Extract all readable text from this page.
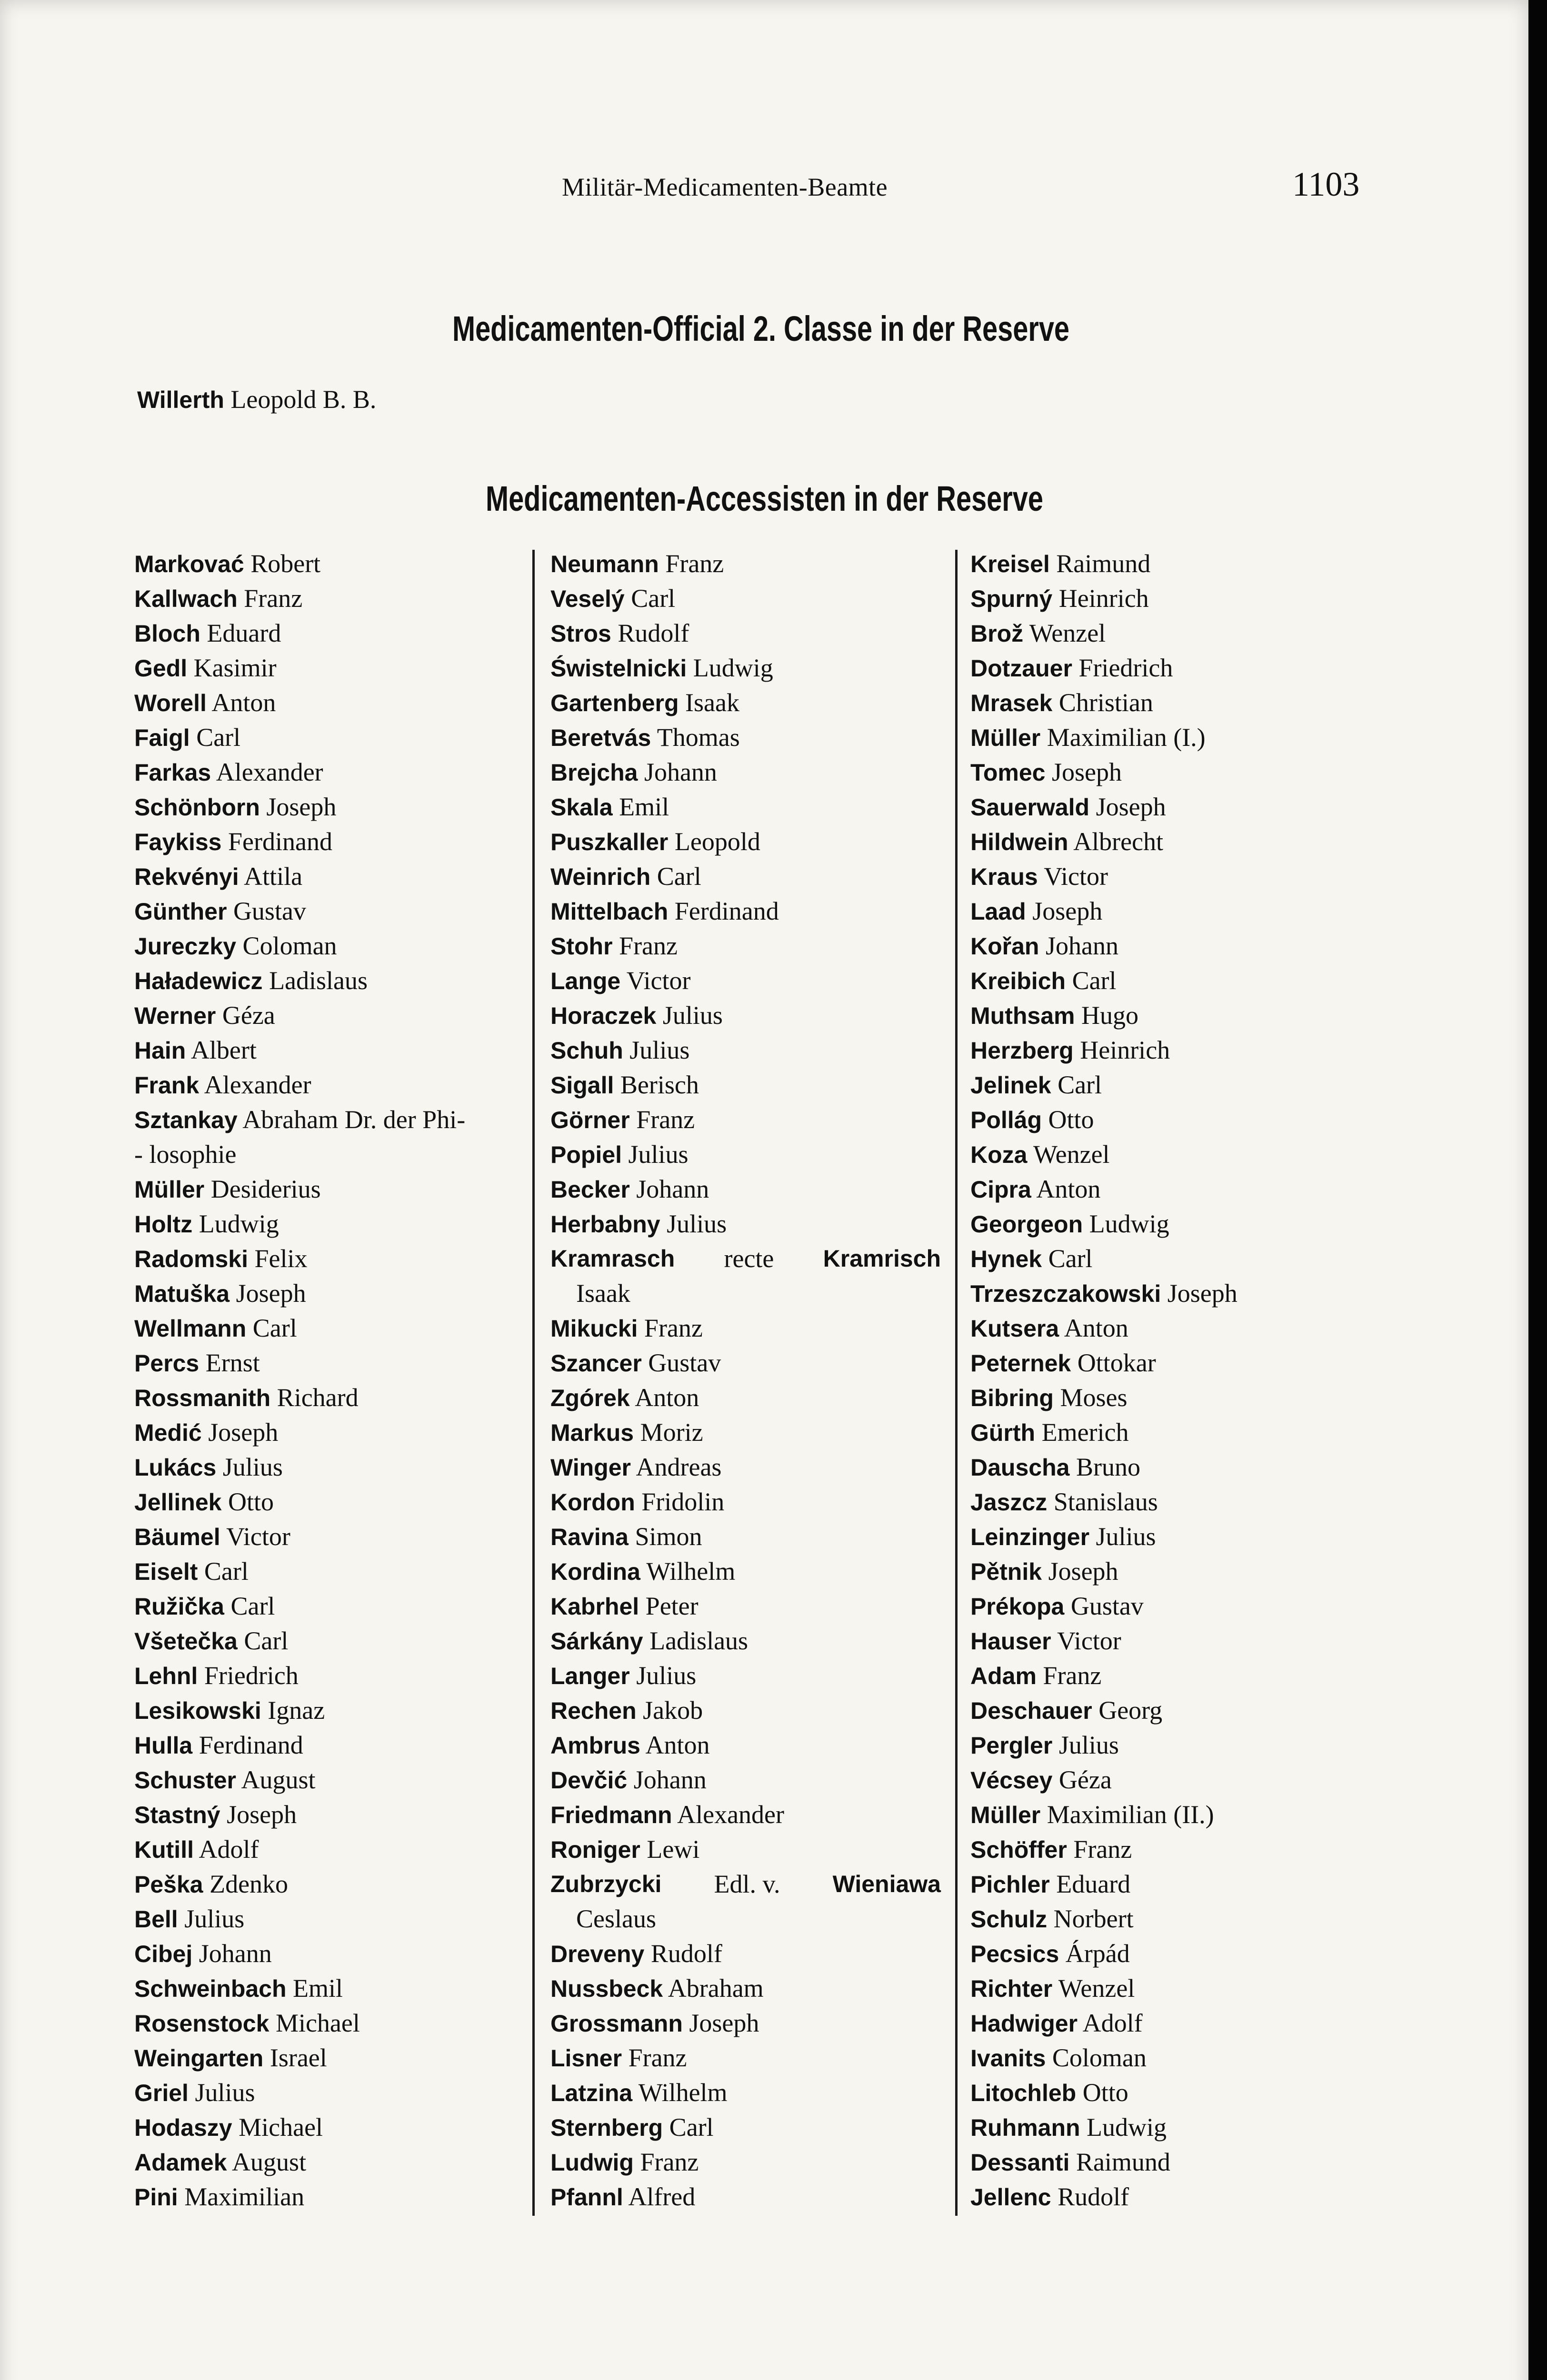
Militär-Medicamenten-Beamte	1103
Medicamenten-Official 2. Classe in der Reserve
Willerth Leopold B. B.
Medicamenten-Accessisten in der Reserve
Markovać Robert
Kallwach Franz
Bloch Eduard
Gedl Kasimir
Worell Anton
Faigl Carl
Farkas Alexander
Schönborn Joseph
Faykiss Ferdinand
Rekvényi Attila
Günther Gustav
Jureczky Coloman
Haładewicz Ladislaus
Werner Géza
Hain Albert
Frank Alexander
Sztankay Abraham Dr. der Phi-
- losophie
Müller Desiderius
Holtz Ludwig
Radomski Felix
Matuška Joseph
Wellmann Carl
Percs Ernst
Rossmanith Richard
Medić Joseph
Lukács Julius
Jellinek Otto
Bäumel Victor
Eiselt Carl
Ružička Carl
Všetečka Carl
Lehnl Friedrich
Lesikowski Ignaz
Hulla Ferdinand
Schuster August
Stastný Joseph
Kutill Adolf
Peška Zdenko
Bell Julius
Cibej Johann
Schweinbach Emil
Rosenstock Michael
Weingarten Israel
Griel Julius
Hodaszy Michael
Adamek August
Pini Maximilian
Neumann Franz
Veselý Carl
Stros Rudolf
Świstelnicki Ludwig
Gartenberg Isaak
Beretvás Thomas
Brejcha Johann
Skala Emil
Puszkaller Leopold
Weinrich Carl
Mittelbach Ferdinand
Stohr Franz
Lange Victor
Horaczek Julius
Schuh Julius
Sigall Berisch
Görner Franz
Popiel Julius
Becker Johann
Herbabny Julius
Kramrasch recte Kramrisch
Isaak
Mikucki Franz
Szancer Gustav
Zgórek Anton
Markus Moriz
Winger Andreas
Kordon Fridolin
Ravina Simon
Kordina Wilhelm
Kabrhel Peter
Sárkány Ladislaus
Langer Julius
Rechen Jakob
Ambrus Anton
Devčić Johann
Friedmann Alexander
Roniger Lewi
Zubrzycki Edl. v. Wieniawa
Ceslaus
Dreveny Rudolf
Nussbeck Abraham
Grossmann Joseph
Lisner Franz
Latzina Wilhelm
Sternberg Carl
Ludwig Franz
Pfannl Alfred
Kreisel Raimund
Spurný Heinrich
Brož Wenzel
Dotzauer Friedrich
Mrasek Christian
Müller Maximilian (I.)
Tomec Joseph
Sauerwald Joseph
Hildwein Albrecht
Kraus Victor
Laad Joseph
Kořan Johann
Kreibich Carl
Muthsam Hugo
Herzberg Heinrich
Jelinek Carl
Pollág Otto
Koza Wenzel
Cipra Anton
Georgeon Ludwig
Hynek Carl
Trzeszczakowski Joseph
Kutsera Anton
Peternek Ottokar
Bibring Moses
Gürth Emerich
Dauscha Bruno
Jaszcz Stanislaus
Leinzinger Julius
Pětnik Joseph
Prékopa Gustav
Hauser Victor
Adam Franz
Deschauer Georg
Pergler Julius
Vécsey Géza
Müller Maximilian (II.)
Schöffer Franz
Pichler Eduard
Schulz Norbert
Pecsics Árpád
Richter Wenzel
Hadwiger Adolf
Ivanits Coloman
Litochleb Otto
Ruhmann Ludwig
Dessanti Raimund
Jellenc Rudolf
